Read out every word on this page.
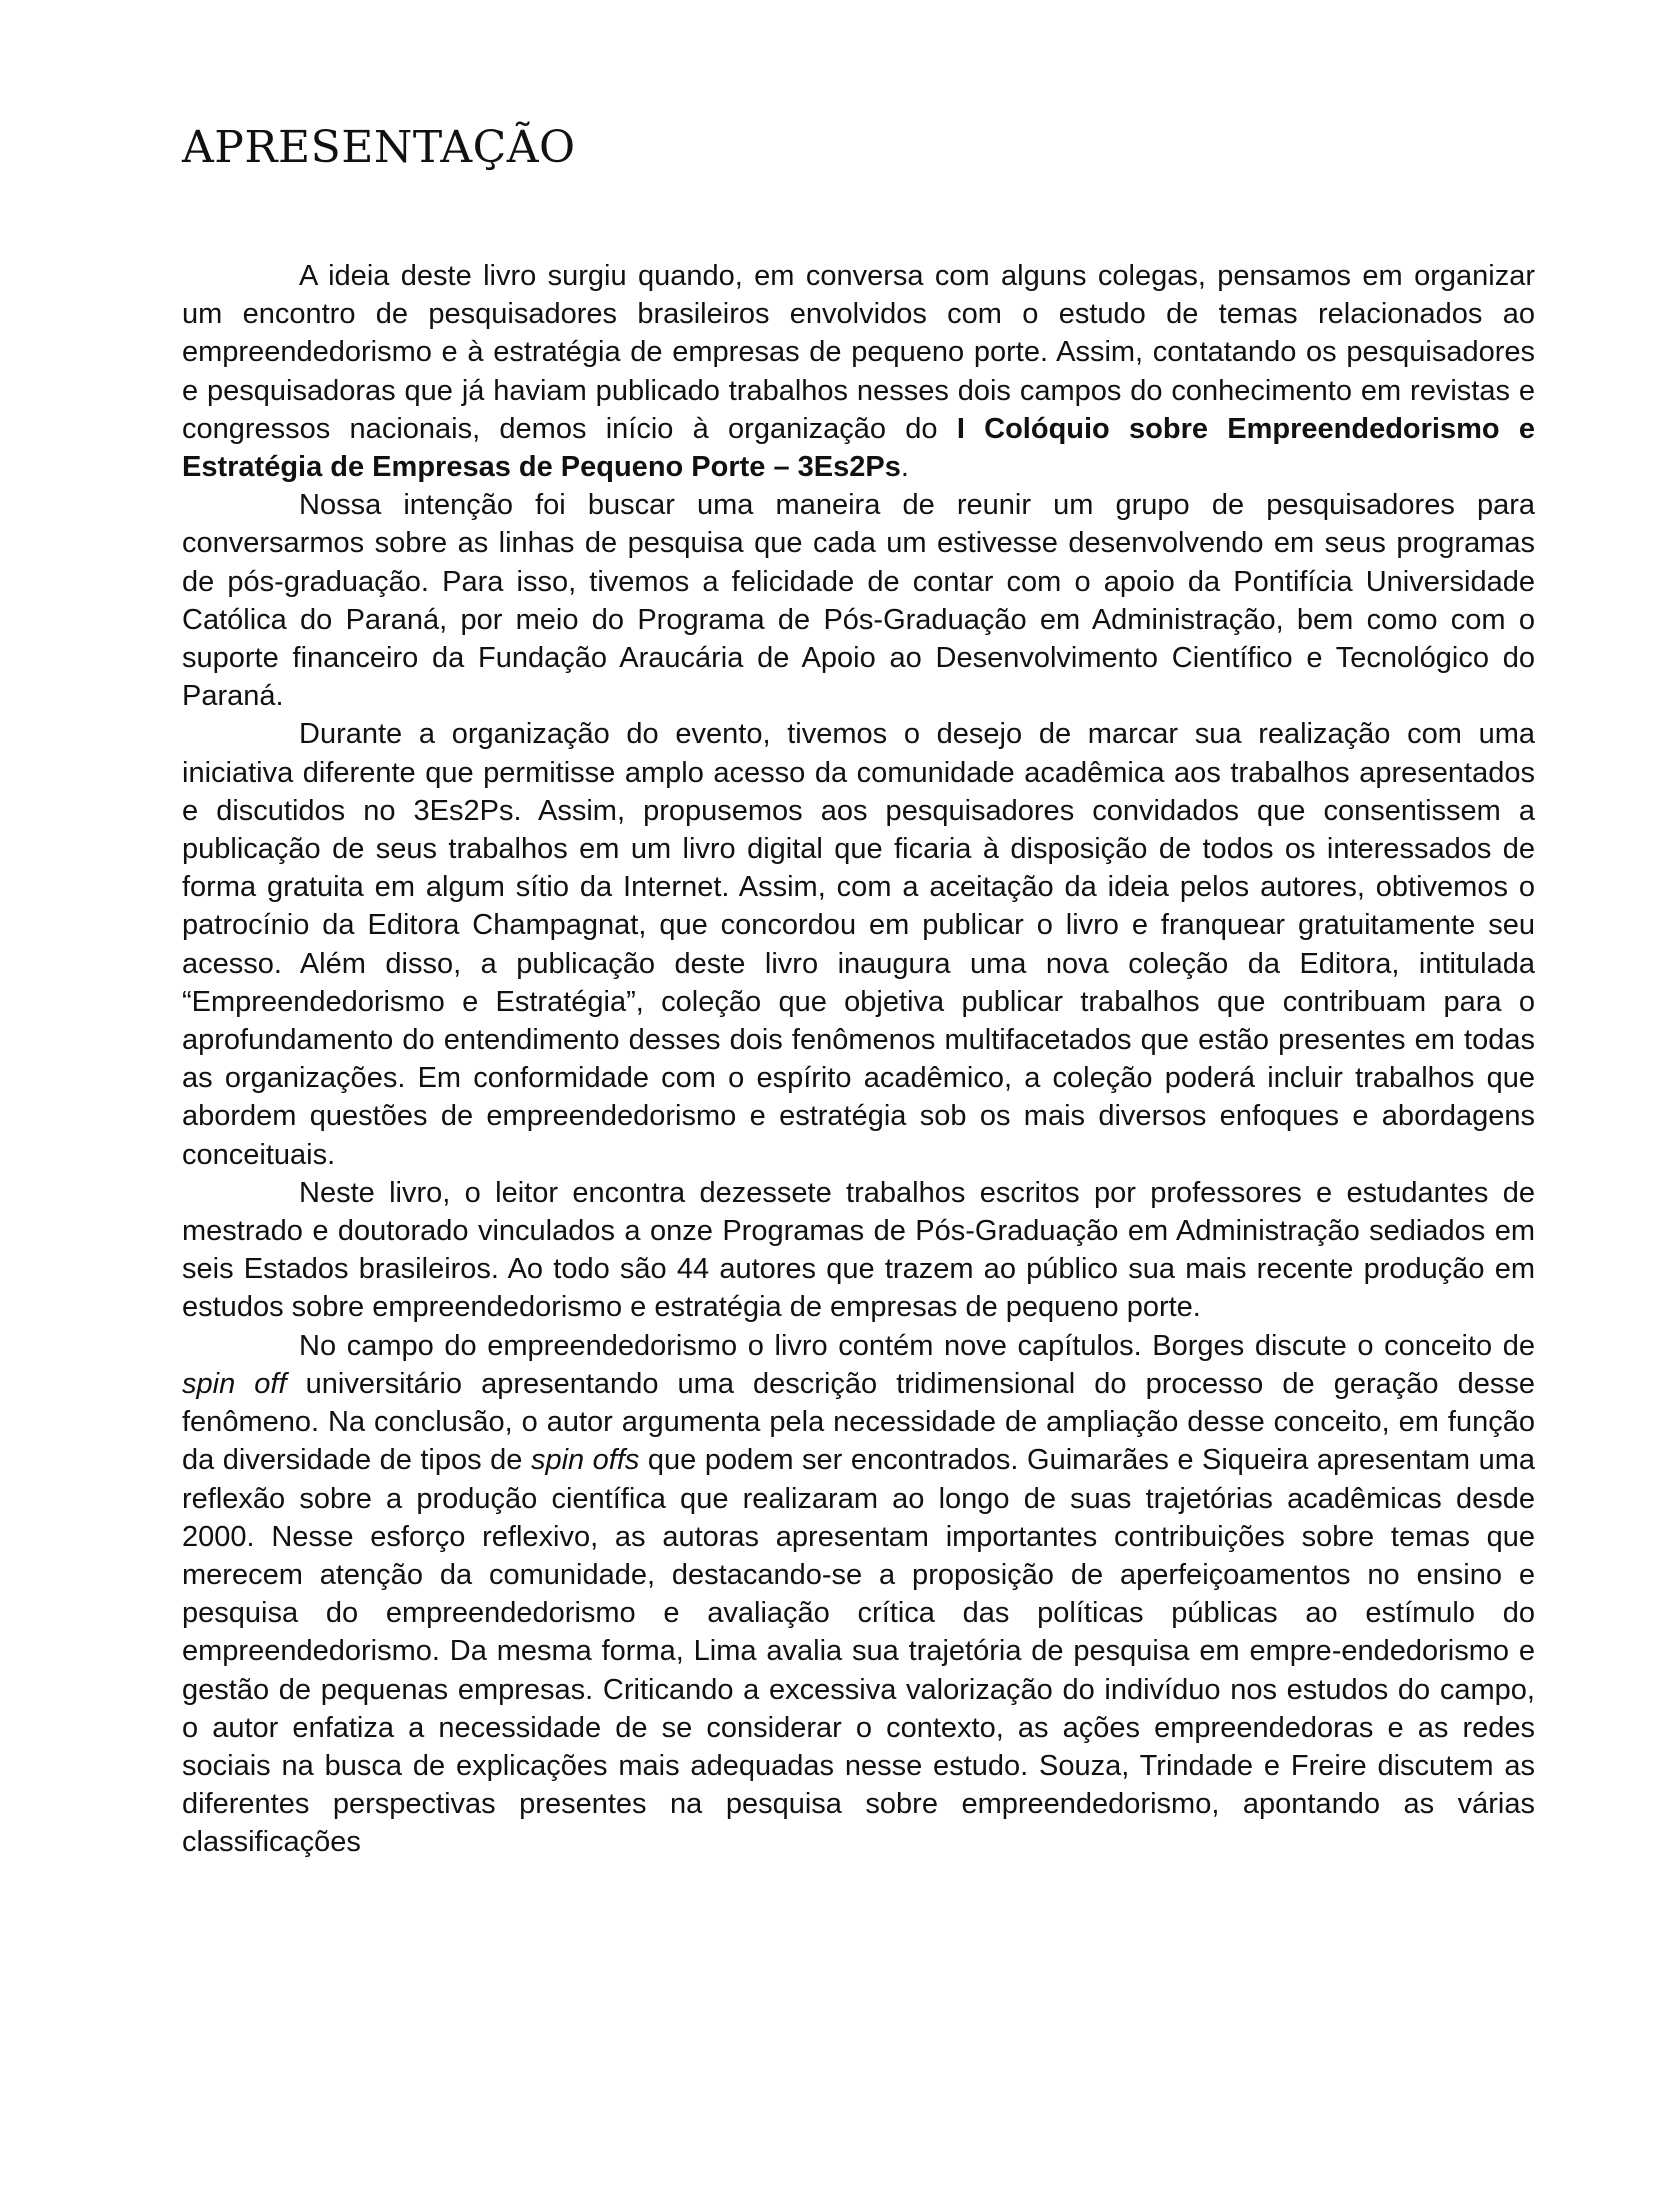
APRESENTAÇÃO

A ideia deste livro surgiu quando, em conversa com alguns colegas, pensamos em organizar um encontro de pesquisadores brasileiros envolvidos com o estudo de temas relacionados ao empreendedorismo e à estratégia de empresas de pequeno porte. Assim, contatando os pesquisadores e pesquisadoras que já haviam publicado trabalhos nesses dois campos do conhecimento em revistas e congressos nacionais, demos início à organização do I Colóquio sobre Empreendedorismo e Estratégia de Empresas de Pequeno Porte – 3Es2Ps.

Nossa intenção foi buscar uma maneira de reunir um grupo de pesquisadores para conversarmos sobre as linhas de pesquisa que cada um estivesse desenvolvendo em seus programas de pós-graduação. Para isso, tivemos a felicidade de contar com o apoio da Pontifícia Universidade Católica do Paraná, por meio do Programa de Pós-Graduação em Administração, bem como com o suporte financeiro da Fundação Araucária de Apoio ao Desenvolvimento Científico e Tecnológico do Paraná.

Durante a organização do evento, tivemos o desejo de marcar sua realização com uma iniciativa diferente que permitisse amplo acesso da comunidade acadêmica aos trabalhos apresentados e discutidos no 3Es2Ps. Assim, propusemos aos pesquisadores convidados que consentissem a publicação de seus trabalhos em um livro digital que ficaria à disposição de todos os interessados de forma gratuita em algum sítio da Internet. Assim, com a aceitação da ideia pelos autores, obtivemos o patrocínio da Editora Champagnat, que concordou em publicar o livro e franquear gratuitamente seu acesso. Além disso, a publicação deste livro inaugura uma nova coleção da Editora, intitulada “Empreendedorismo e Estratégia”, coleção que objetiva publicar trabalhos que contribuam para o aprofundamento do entendimento desses dois fenômenos multifacetados que estão presentes em todas as organizações. Em conformidade com o espírito acadêmico, a coleção poderá incluir trabalhos que abordem questões de empreendedorismo e estratégia sob os mais diversos enfoques e abordagens conceituais.

Neste livro, o leitor encontra dezessete trabalhos escritos por professores e estudantes de mestrado e doutorado vinculados a onze Programas de Pós-Graduação em Administração sediados em seis Estados brasileiros. Ao todo são 44 autores que trazem ao público sua mais recente produção em estudos sobre empreendedorismo e estratégia de empresas de pequeno porte.

No campo do empreendedorismo o livro contém nove capítulos. Borges discute o conceito de spin off universitário apresentando uma descrição tridimensional do processo de geração desse fenômeno. Na conclusão, o autor argumenta pela necessidade de ampliação desse conceito, em função da diversidade de tipos de spin offs que podem ser encontrados. Guimarães e Siqueira apresentam uma reflexão sobre a produção científica que realizaram ao longo de suas trajetórias acadêmicas desde 2000. Nesse esforço reflexivo, as autoras apresentam importantes contribuições sobre temas que merecem atenção da comunidade, destacando-se a proposição de aperfeiçoamentos no ensino e pesquisa do empreendedorismo e avaliação crítica das políticas públicas ao estímulo do empreendedorismo. Da mesma forma, Lima avalia sua trajetória de pesquisa em empre-endedorismo e gestão de pequenas empresas. Criticando a excessiva valorização do indivíduo nos estudos do campo, o autor enfatiza a necessidade de se considerar o contexto, as ações empreendedoras e as redes sociais na busca de explicações mais adequadas nesse estudo. Souza, Trindade e Freire discutem as diferentes perspectivas presentes na pesquisa sobre empreendedorismo, apontando as várias classificações
